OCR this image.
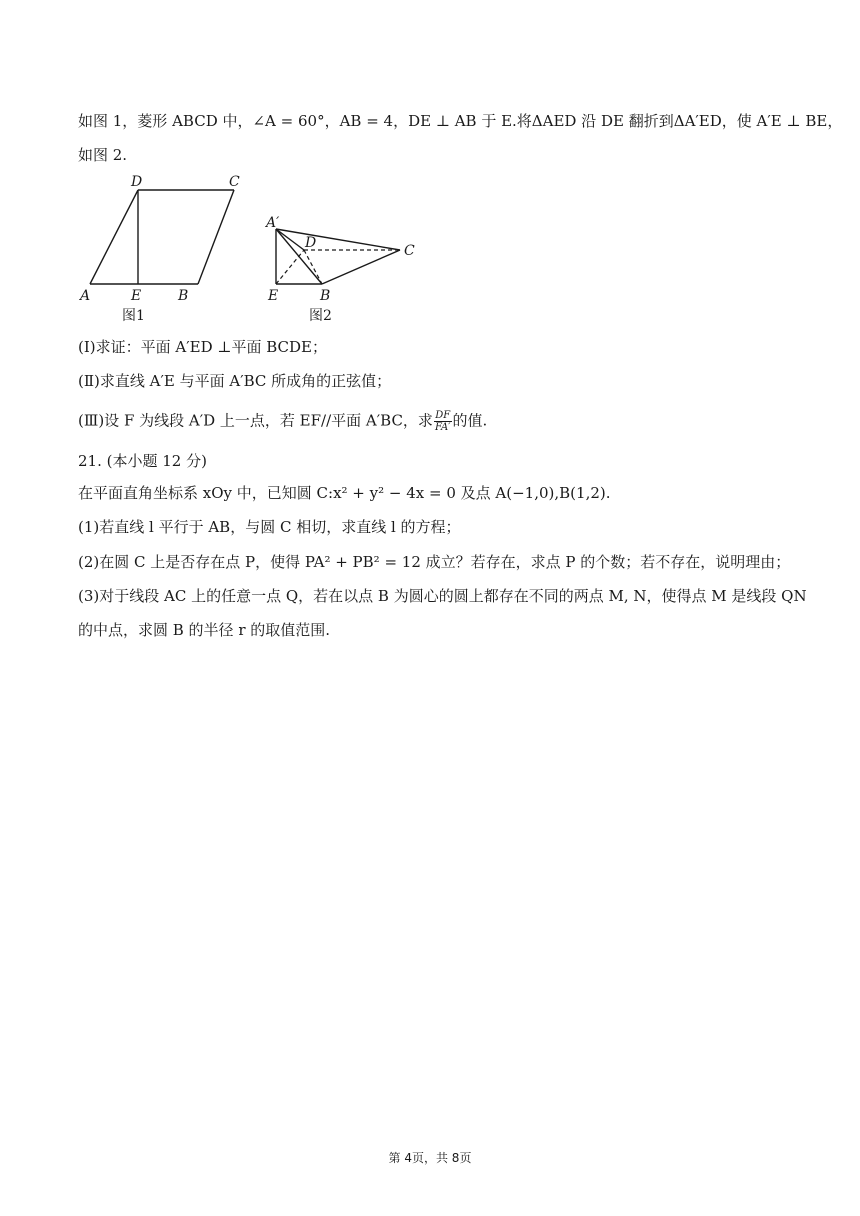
如图 1，菱形 ABCD 中，∠A = 60°，AB = 4，DE ⊥ AB 于 E.将ΔAED 沿 DE 翻折到ΔA′ED，使 A′E ⊥ BE，
如图 2.
D	C
A	E	B
图1
A′
D	C
E	B
图2
(Ⅰ)求证：平面 A′ED ⊥平面 BCDE；
(Ⅱ)求直线 A′E 与平面 A′BC 所成角的正弦值；
(Ⅲ)设 F 为线段 A′D 上一点，若 EF//平面 A′BC，求 $\frac{DF}{FA'}$ 的值.
21. (本小题 12 分)
在平面直角坐标系 xOy 中，已知圆 C:x² + y² − 4x = 0 及点 A(−1,0),B(1,2).
(1)若直线 l 平行于 AB，与圆 C 相切，求直线 l 的方程；
(2)在圆 C 上是否存在点 P，使得 PA² + PB² = 12 成立？若存在，求点 P 的个数；若不存在，说明理由；
(3)对于线段 AC 上的任意一点 Q，若在以点 B 为圆心的圆上都存在不同的两点 M, N，使得点 M 是线段 QN
的中点，求圆 B 的半径 r 的取值范围.
第 4页，共 8页
